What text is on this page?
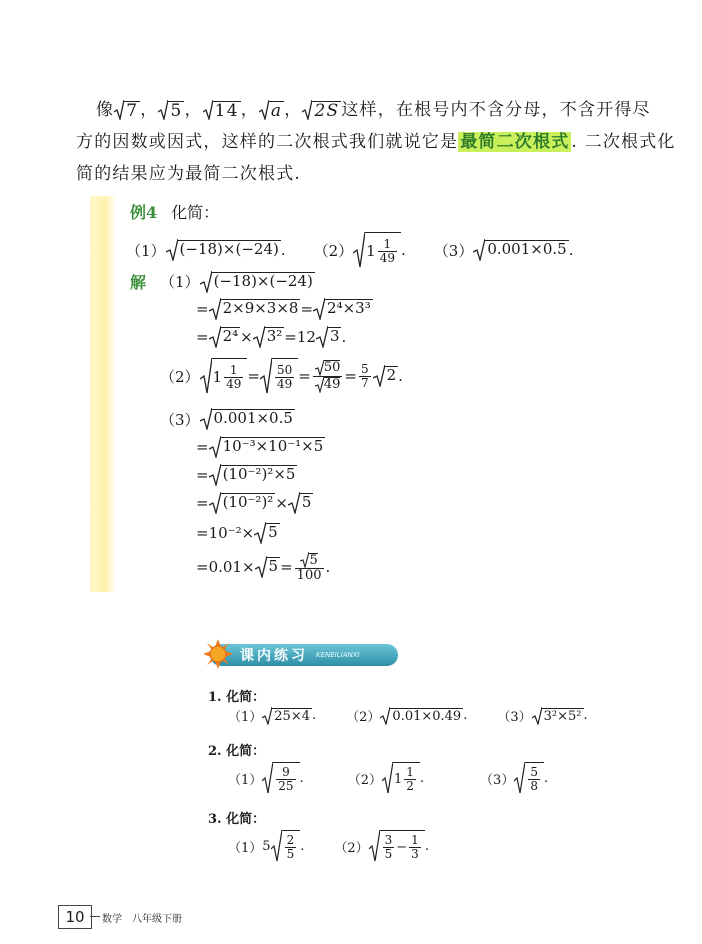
像 7 ， 5 ， 14 ， a ， 2S 这样，在根号内不含分母，不含开得尽
方的因数或因式，这样的二次根式我们就说它是 最简二次根式 . 二次根式化
简的结果应为最简二次根式.
例4 化简：
（1） (−18)×(−24) . （2） $1 \frac{1}{49}$ . （3） 0.001×0.5 .
解 （1） (−18)×(−24)
= 2×9×3×8 = 2⁴×3³
= 2⁴ × 3² =12 3 .
（2） $1 \frac{1}{49} = \frac{50}{49} = \frac{50}{49} = \frac{5}{7} 2$ .
（3） 0.001×0.5
= 10⁻³×10⁻¹×5
= (10⁻²)²×5
= (10⁻²)² × 5
=10⁻²× 5
$=0.01\times 5 = \frac{5}{100}$ .
课内练习 KENEILIANXI
1. 化简：
（1） 25×4 . （2） 0.01×0.49 . （3） 3²×5² .
2. 化简：
$(1) \frac{9}{25}$ .	（2） $1 \frac{1}{2}$ .	$(3) \frac{5}{8}$ .
3. 化简：
（1） $5 \frac{2}{5}$ . $(2) \frac{3}{5} - \frac{1}{3}$ .
10	数学　八年级下册
